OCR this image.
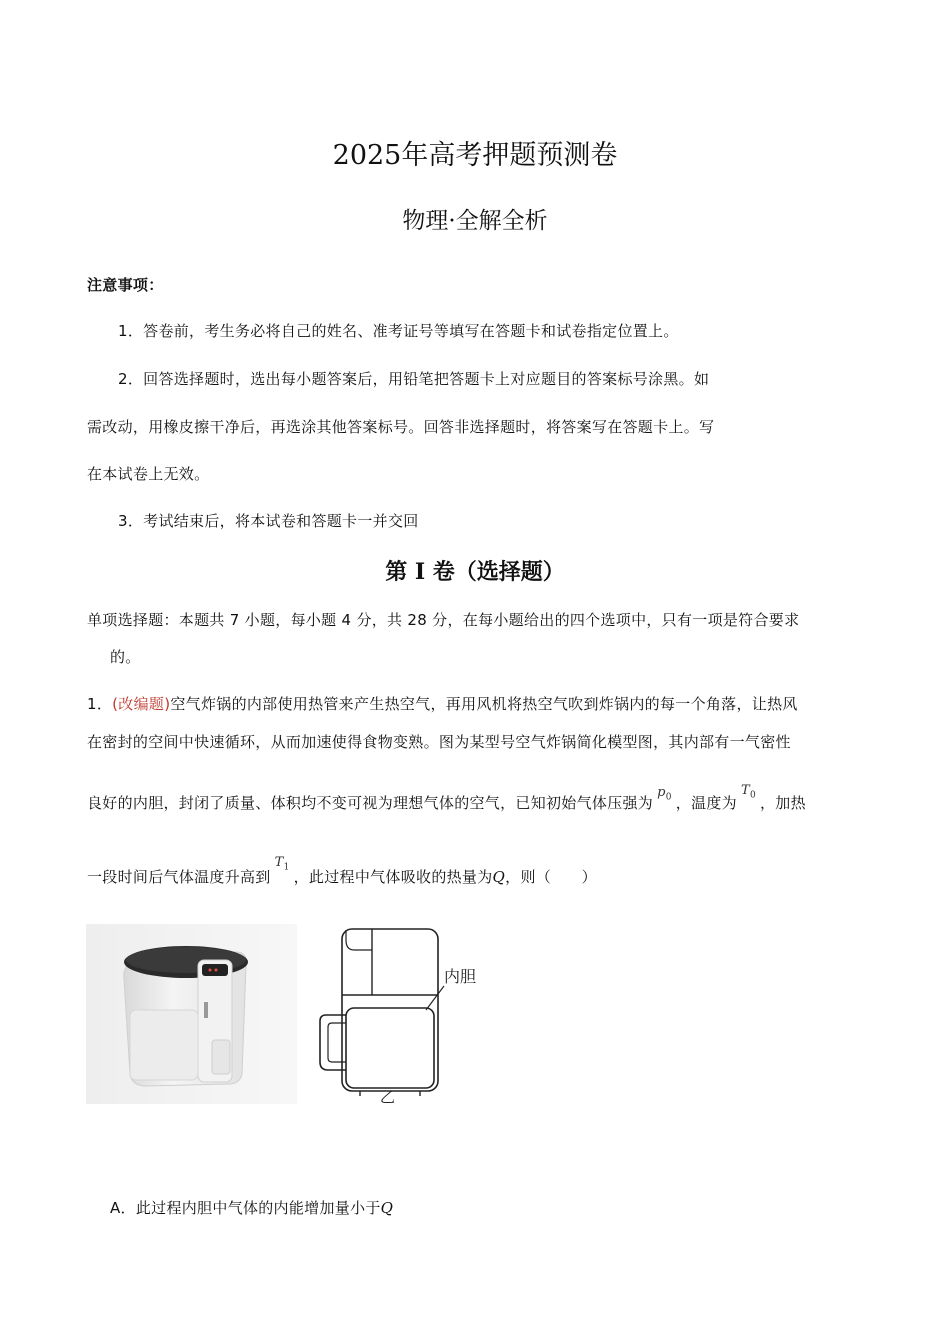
2025年高考押题预测卷
物理·全解全析
注意事项：
1．答卷前，考生务必将自己的姓名、准考证号等填写在答题卡和试卷指定位置上。
2．回答选择题时，选出每小题答案后，用铅笔把答题卡上对应题目的答案标号涂黑。如
需改动，用橡皮擦干净后，再选涂其他答案标号。回答非选择题时，将答案写在答题卡上。写
在本试卷上无效。
3．考试结束后，将本试卷和答题卡一并交回
第 I 卷（选择题）
单项选择题：本题共 7 小题，每小题 4 分，共 28 分，在每小题给出的四个选项中，只有一项是符合要求
的。
1．(改编题)空气炸锅的内部使用热管来产生热空气，再用风机将热空气吹到炸锅内的每一个角落，让热风
在密封的空间中快速循环，从而加速使得食物变熟。图为某型号空气炸锅简化模型图，其内部有一气密性
良好的内胆，封闭了质量、体积均不变可视为理想气体的空气，已知初始气体压强为$p_0$ ，温度为$T_0$ ，加热
一段时间后气体温度升高到$T_1$，此过程中气体吸收的热量为Q，则（　　）
内胆
乙
A．此过程内胆中气体的内能增加量小于Q
